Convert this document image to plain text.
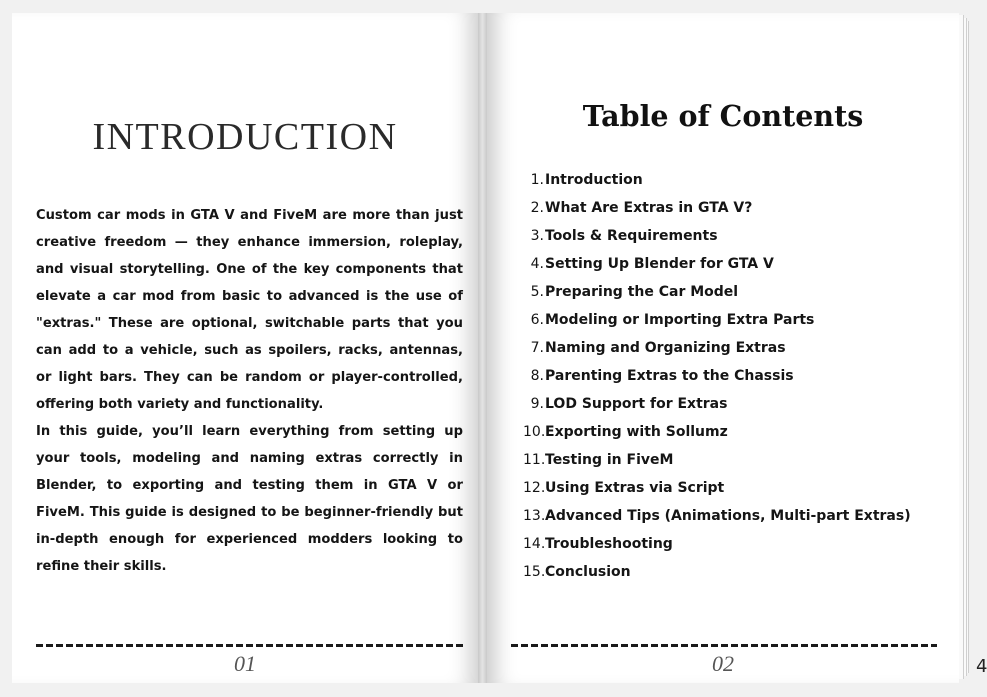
INTRODUCTION

Custom car mods in GTA V and FiveM are more than just creative freedom — they enhance immersion, roleplay, and visual storytelling. One of the key components that elevate a car mod from basic to advanced is the use of "extras." These are optional, switchable parts that you can add to a vehicle, such as spoilers, racks, antennas, or light bars. They can be random or player-controlled, offering both variety and functionality.

In this guide, you’ll learn everything from setting up your tools, modeling and naming extras correctly in Blender, to exporting and testing them in GTA V or FiveM. This guide is designed to be beginner-friendly but in-depth enough for experienced modders looking to refine their skills.

01
Table of Contents
1.Introduction
2.What Are Extras in GTA V?
3.Tools & Requirements
4.Setting Up Blender for GTA V
5.Preparing the Car Model
6.Modeling or Importing Extra Parts
7.Naming and Organizing Extras
8.Parenting Extras to the Chassis
9.LOD Support for Extras
10.Exporting with Sollumz
11.Testing in FiveM
12.Using Extras via Script
13.Advanced Tips (Animations, Multi-part Extras)
14.Troubleshooting
15.Conclusion
02	4
